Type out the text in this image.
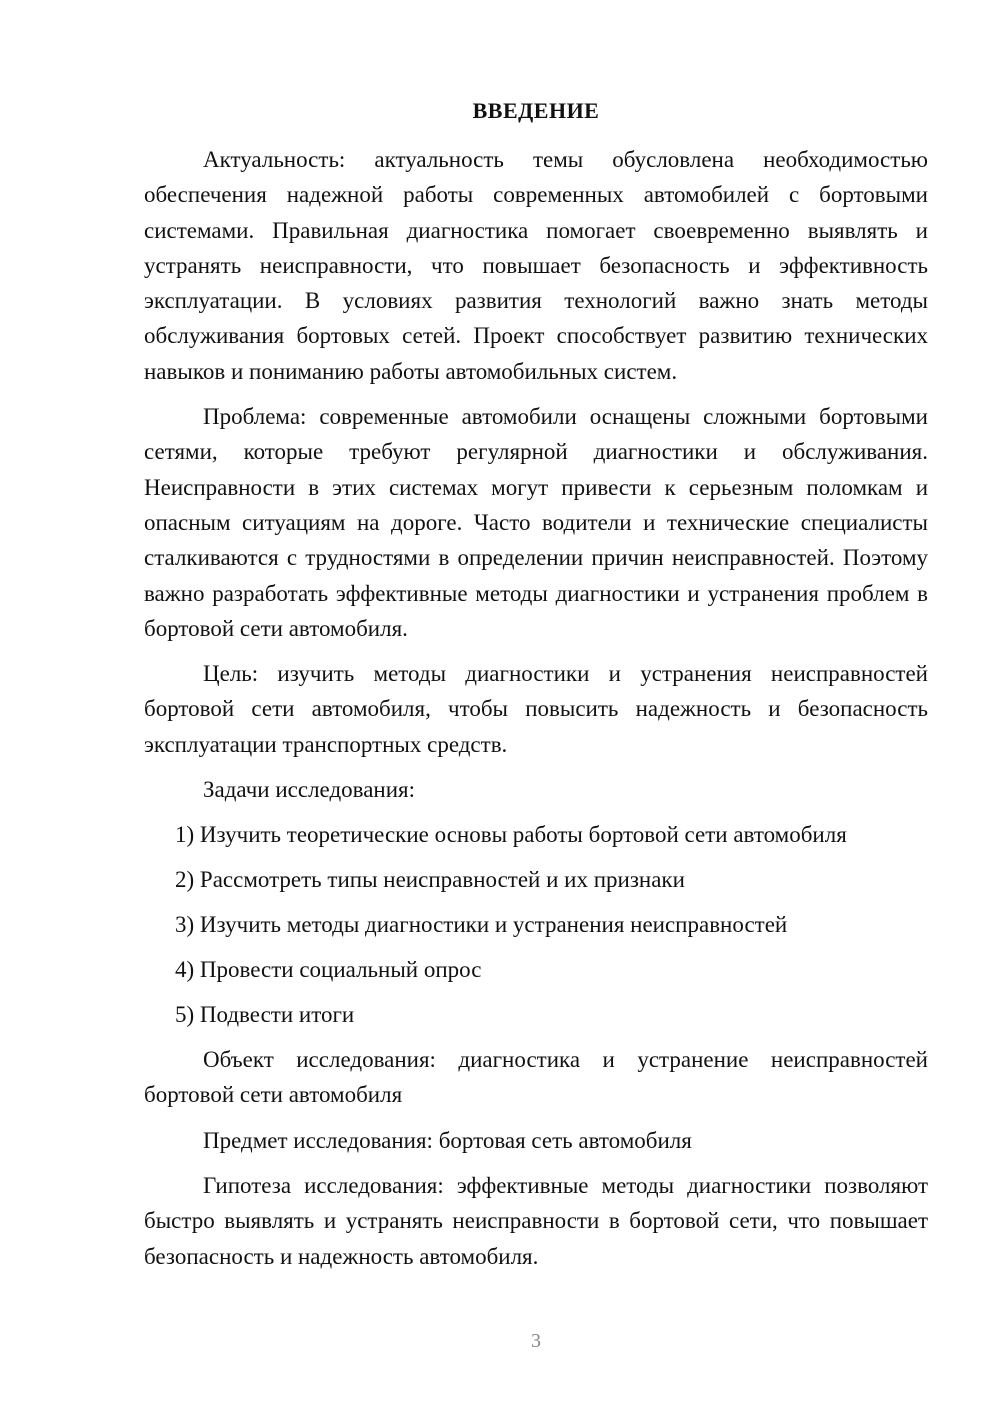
ВВЕДЕНИЕ

Актуальность: актуальность темы обусловлена необходимостью обеспечения надежной работы современных автомобилей с бортовыми системами. Правильная диагностика помогает своевременно выявлять и устранять неисправности, что повышает безопасность и эффективность эксплуатации. В условиях развития технологий важно знать методы обслуживания бортовых сетей. Проект способствует развитию технических навыков и пониманию работы автомобильных систем.

Проблема: современные автомобили оснащены сложными бортовыми сетями, которые требуют регулярной диагностики и обслуживания. Неисправности в этих системах могут привести к серьезным поломкам и опасным ситуациям на дороге. Часто водители и технические специалисты сталкиваются с трудностями в определении причин неисправностей. Поэтому важно разработать эффективные методы диагностики и устранения проблем в бортовой сети автомобиля.

Цель: изучить методы диагностики и устранения неисправностей бортовой сети автомобиля, чтобы повысить надежность и безопасность эксплуатации транспортных средств.

Задачи исследования:
1) Изучить теоретические основы работы бортовой сети автомобиля
2) Рассмотреть типы неисправностей и их признаки
3) Изучить методы диагностики и устранения неисправностей
4) Провести социальный опрос
5) Подвести итоги

Объект исследования: диагностика и устранение неисправностей бортовой сети автомобиля

Предмет исследования: бортовая сеть автомобиля

Гипотеза исследования: эффективные методы диагностики позволяют быстро выявлять и устранять неисправности в бортовой сети, что повышает безопасность и надежность автомобиля.

3
